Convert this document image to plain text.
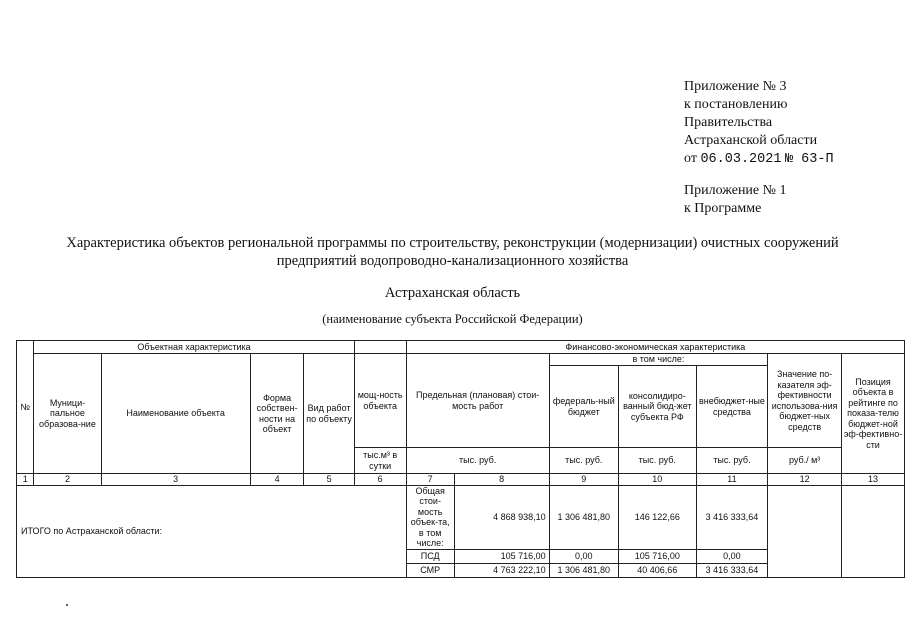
Приложение № 3
к постановлению
Правительства
Астраханской области
от 06.03.2021 № 63-П
Приложение № 1
к Программе
Характеристика объектов региональной программы по строительству, реконструкции (модернизации) очистных сооружений
предприятий водопроводно-канализационного хозяйства
Астраханская область
(наименование субъекта Российской Федерации)
№	Объектная характеристика					Финансово-экономическая характеристика						
	Муници-пальное образова-ние	Наименование объекта	Форма собствен-ности на объект	Вид работ по объекту	мощ-ность объекта	Предельная (плановая) стои-мость работ		в том числе:			Значение по-казателя эф-фективности использова-ния бюджет-ных средств	Позиция объекта в рейтинге по показа-телю бюджет-ной эф-фективно-сти
								федераль-ный бюджет	консолидиро-ванный бюд-жет субъекта РФ	внебюджет-ные средства		
					тыс.м³ в сутки	тыс. руб.		тыс. руб.	тыс. руб.	тыс. руб.	руб./ м³	
1	2	3	4	5	6	7	8	9	10	11	12	13
ИТОГО по Астраханской области:						Общая стои-мость объек-та, в том числе:	4 868 938,10	1 306 481,80	146 122,66	3 416 333,64		
						ПСД	105 716,00	0,00	105 716,00	0,00		
						СМР	4 763 222,10	1 306 481,80	40 406,66	3 416 333,64		
